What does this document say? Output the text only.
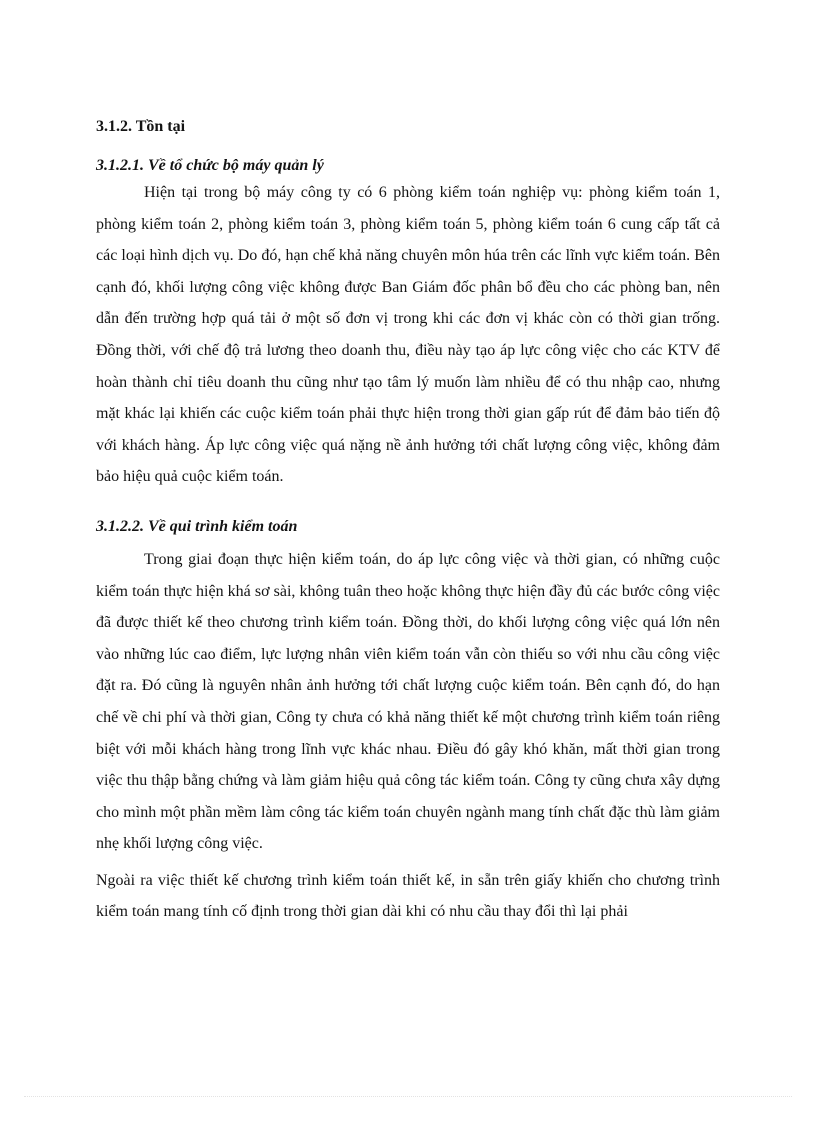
3.1.2. Tồn tại
3.1.2.1. Về tổ chức bộ máy quản lý

Hiện tại trong bộ máy công ty có 6 phòng kiểm toán nghiệp vụ: phòng kiểm toán 1, phòng kiểm toán 2, phòng kiểm toán 3, phòng kiểm toán 5, phòng kiểm toán 6 cung cấp tất cả các loại hình dịch vụ. Do đó, hạn chế khả năng chuyên môn húa trên các lĩnh vực kiểm toán. Bên cạnh đó, khối lượng công việc không được Ban Giám đốc phân bổ đều cho các phòng ban, nên dẫn đến trường hợp quá tải ở một số đơn vị trong khi các đơn vị khác còn có thời gian trống. Đồng thời, với chế độ trả lương theo doanh thu, điều này tạo áp lực công việc cho các KTV để hoàn thành chỉ tiêu doanh thu cũng như tạo tâm lý muốn làm nhiều để có thu nhập cao, nhưng mặt khác lại khiến các cuộc kiểm toán phải thực hiện trong thời gian gấp rút để đảm bảo tiến độ với khách hàng. Áp lực công việc quá nặng nề ảnh hưởng tới chất lượng công việc, không đảm bảo hiệu quả cuộc kiểm toán.

3.1.2.2. Về qui trình kiểm toán

Trong giai đoạn thực hiện kiểm toán, do áp lực công việc và thời gian, có những cuộc kiểm toán thực hiện khá sơ sài, không tuân theo hoặc không thực hiện đầy đủ các bước công việc đã được thiết kế theo chương trình kiểm toán. Đồng thời, do khối lượng công việc quá lớn nên vào những lúc cao điểm, lực lượng nhân viên kiểm toán vẫn còn thiếu so với nhu cầu công việc đặt ra. Đó cũng là nguyên nhân ảnh hưởng tới chất lượng cuộc kiểm toán. Bên cạnh đó, do hạn chế về chi phí và thời gian, Công ty chưa có khả năng thiết kế một chương trình kiểm toán riêng biệt với mỗi khách hàng trong lĩnh vực khác nhau. Điều đó gây khó khăn, mất thời gian trong việc thu thập bằng chứng và làm giảm hiệu quả công tác kiểm toán. Công ty cũng chưa xây dựng cho mình một phần mềm làm công tác kiểm toán chuyên ngành mang tính chất đặc thù làm giảm nhẹ khối lượng công việc.

Ngoài ra việc thiết kế chương trình kiểm toán thiết kế, in sẵn trên giấy khiến cho chương trình kiểm toán mang tính cố định trong thời gian dài khi có nhu cầu thay đổi thì lại phải
